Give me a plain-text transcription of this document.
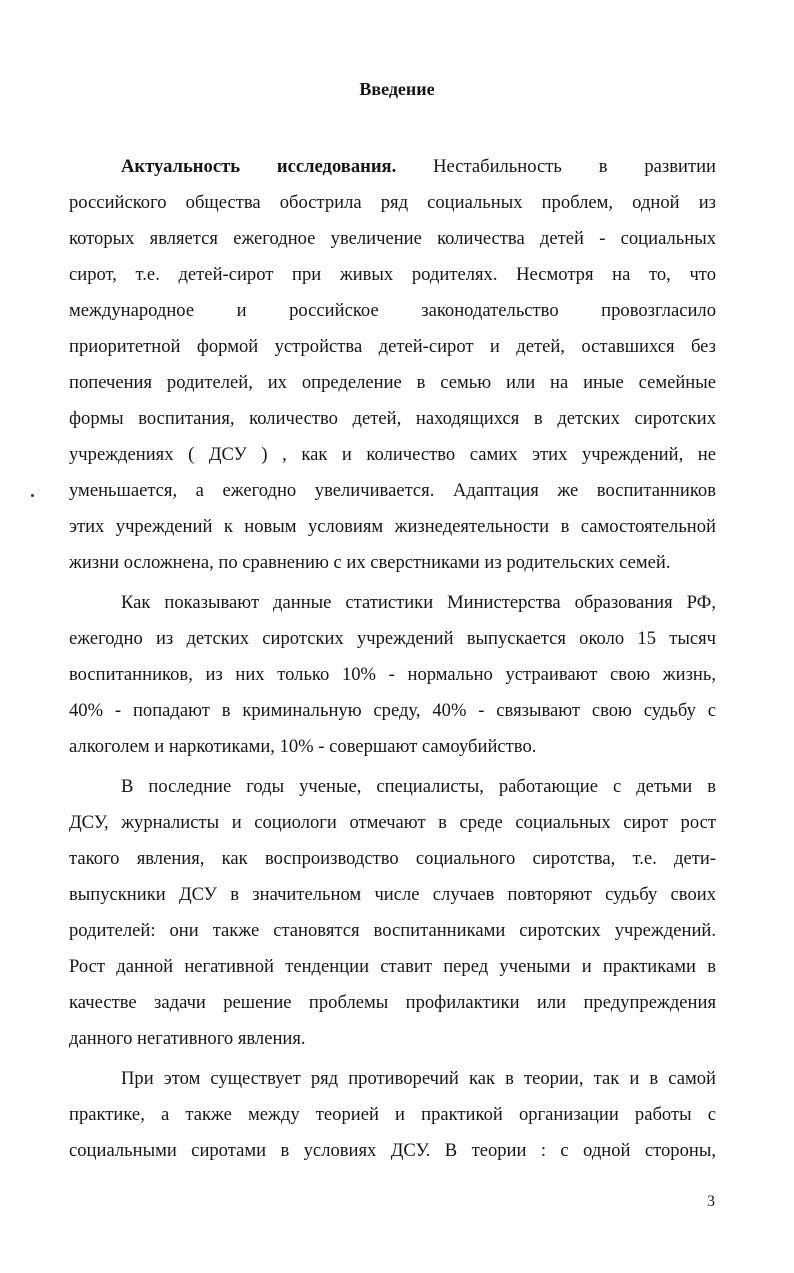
Введение
Актуальность исследования. Нестабильность в развитии
российского общества обострила ряд социальных проблем, одной из
которых является ежегодное увеличение количества детей - социальных
сирот, т.е. детей-сирот при живых родителях. Несмотря на то, что
международное и российское законодательство провозгласило
приоритетной формой устройства детей-сирот и детей, оставшихся без
попечения родителей, их определение в семью или на иные семейные
формы воспитания, количество детей, находящихся в детских сиротских
учреждениях ( ДСУ ) , как и количество самих этих учреждений, не
уменьшается, а ежегодно увеличивается. Адаптация же воспитанников
этих учреждений к новым условиям жизнедеятельности в самостоятельной
жизни осложнена, по сравнению с их сверстниками из родительских семей.
Как показывают данные статистики Министерства образования РФ,
ежегодно из детских сиротских учреждений выпускается около 15 тысяч
воспитанников, из них только 10% - нормально устраивают свою жизнь,
40% - попадают в криминальную среду, 40% - связывают свою судьбу с
алкоголем и наркотиками, 10% - совершают самоубийство.
В последние годы ученые, специалисты, работающие с детьми в
ДСУ, журналисты и социологи отмечают в среде социальных сирот рост
такого явления, как воспроизводство социального сиротства, т.е. дети-
выпускники ДСУ в значительном числе случаев повторяют судьбу своих
родителей: они также становятся воспитанниками сиротских учреждений.
Рост данной негативной тенденции ставит перед учеными и практиками в
качестве задачи решение проблемы профилактики или предупреждения
данного негативного явления.
При этом существует ряд противоречий как в теории, так и в самой
практике, а также между теорией и практикой организации работы с
социальными сиротами в условиях ДСУ. В теории : с одной стороны,
3
